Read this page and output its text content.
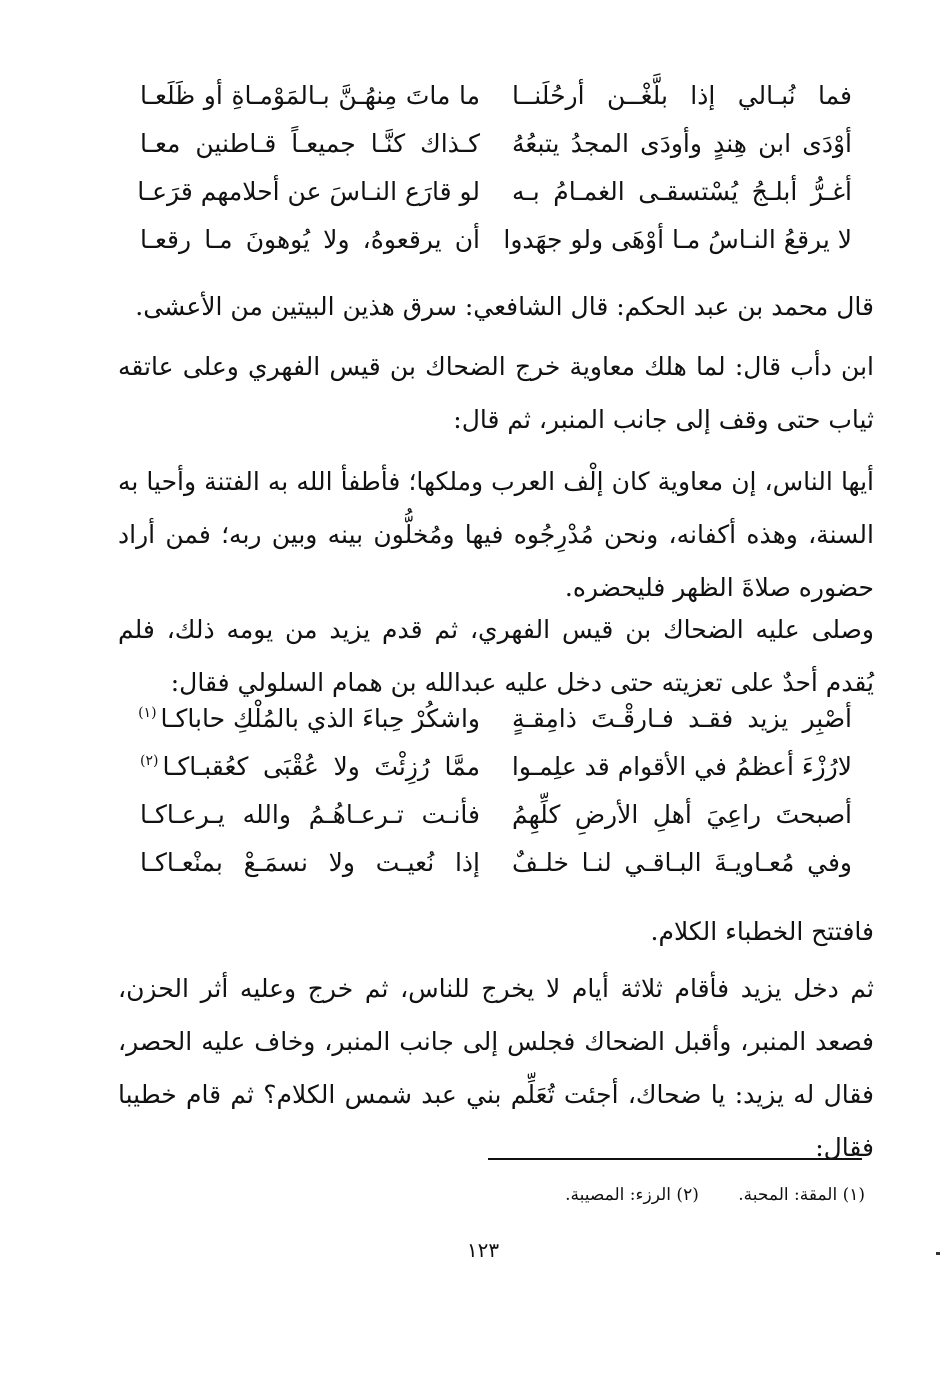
فما نُبـالي إذا بلَّغْــن أرحُلَنــا
ما ماتَ مِنهُـنَّ بـالمَوْمـاةِ أو ظَلَعـا
أوْدَى ابن هِندٍ وأودَى المجدُ يتبعُهُ
كـذاك كنَّـا جميعـاً قـاطنين معـا
أغـرُّ أبلـجُ يُسْتسقـى الغمـامُ بـه
لو قارَع النـاسَ عن أحلامهم قرَعـا
لا يرقعُ النـاسُ مـا أوْهَى ولو جهَدوا
أن يرقعوهُ، ولا يُوهونَ مـا رقعـا

قال محمد بن عبد الحكم: قال الشافعي: سرق هذين البيتين من الأعشى.

ابن دأب قال: لما هلك معاوية خرج الضحاك بن قيس الفهري وعلى عاتقه ثياب حتى وقف إلى جانب المنبر، ثم قال:

أيها الناس، إن معاوية كان إلْف العرب وملكها؛ فأطفأ الله به الفتنة وأحيا به السنة، وهذه أكفانه، ونحن مُدْرِجُوه فيها ومُخلُّون بينه وبين ربه؛ فمن أراد حضوره صلاةَ الظهر فليحضره.

وصلى عليه الضحاك بن قيس الفهري، ثم قدم يزيد من يومه ذلك، فلم يُقدم أحدٌ على تعزيته حتى دخل عليه عبدالله بن همام السلولي فقال:

أصْبِر يزيد فقـد فـارقْـتَ ذامِقـةٍ
واشكُرْ حِباءَ الذي بالمُلْكِ حاباكـا$^{(١)}$
لارُزْءَ أعظمُ في الأقوام قد علِمـوا
ممَّا رُزِئْتَ ولا عُقْبَى كعُقبـاكـا$^{(٢)}$
أصبحتَ راعِيَ أهلِ الأرضِ كلِّهِمُ
فأنـت تـرعـاهُـمُ والله يـرعـاكـا
وفي مُعـاويـةَ البـاقـي لنـا خلـفٌ
إذا نُعيـت ولا نسمَـعْ بمنْعـاكـا

فافتتح الخطباء الكلام.

ثم دخل يزيد فأقام ثلاثة أيام لا يخرج للناس، ثم خرج وعليه أثر الحزن، فصعد المنبر، وأقبل الضحاك فجلس إلى جانب المنبر، وخاف عليه الحصر، فقال له يزيد: يا ضحاك، أجئت تُعَلِّم بني عبد شمس الكلام؟ ثم قام خطيبا فقال:

(١) المقة: المحبة. (٢) الرزء: المصيبة.
١٢٣
